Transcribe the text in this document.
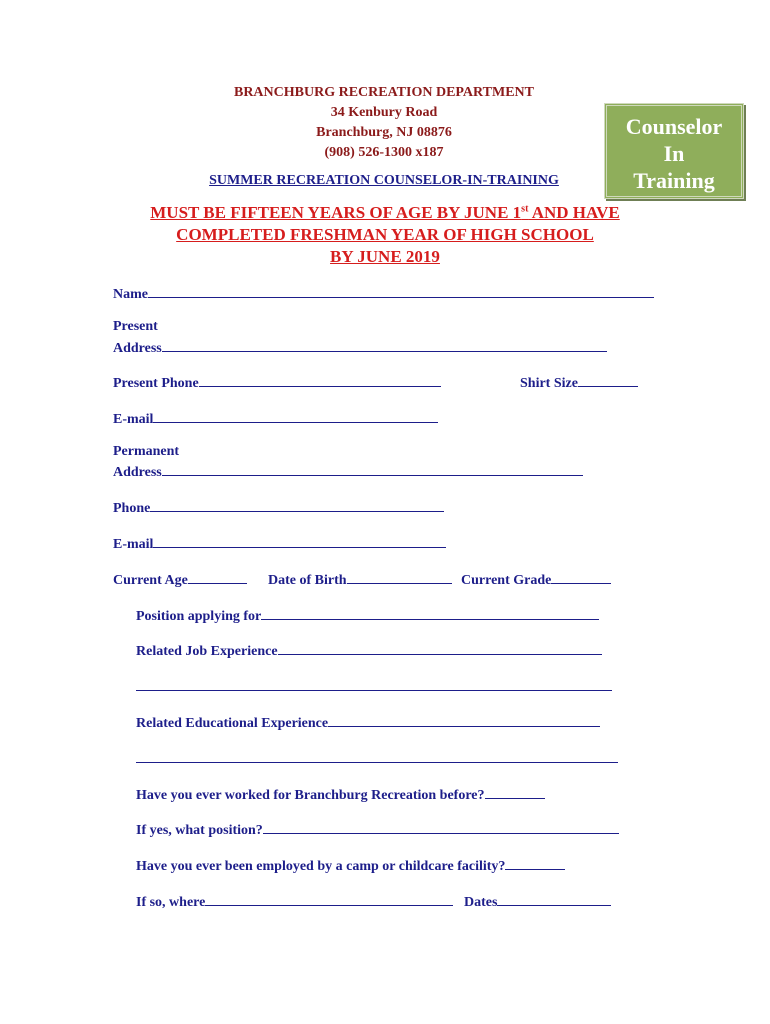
BRANCHBURG RECREATION DEPARTMENT
34 Kenbury Road
Branchburg, NJ 08876
(908) 526-1300 x187
SUMMER RECREATION COUNSELOR-IN-TRAINING
Counselor
In
Training
MUST BE FIFTEEN YEARS OF AGE BY JUNE 1st AND HAVE
COMPLETED FRESHMAN YEAR OF HIGH SCHOOL
BY JUNE 2019
Name
Present
Address
Present Phone	Shirt Size
E-mail
Permanent
Address
Phone
E-mail
Current Age	Date of Birth	Current Grade
Position applying for
Related Job Experience
Related Educational Experience
Have you ever worked for Branchburg Recreation before?
If yes, what position?
Have you ever been employed by a camp or childcare facility?
If so, where	Dates
